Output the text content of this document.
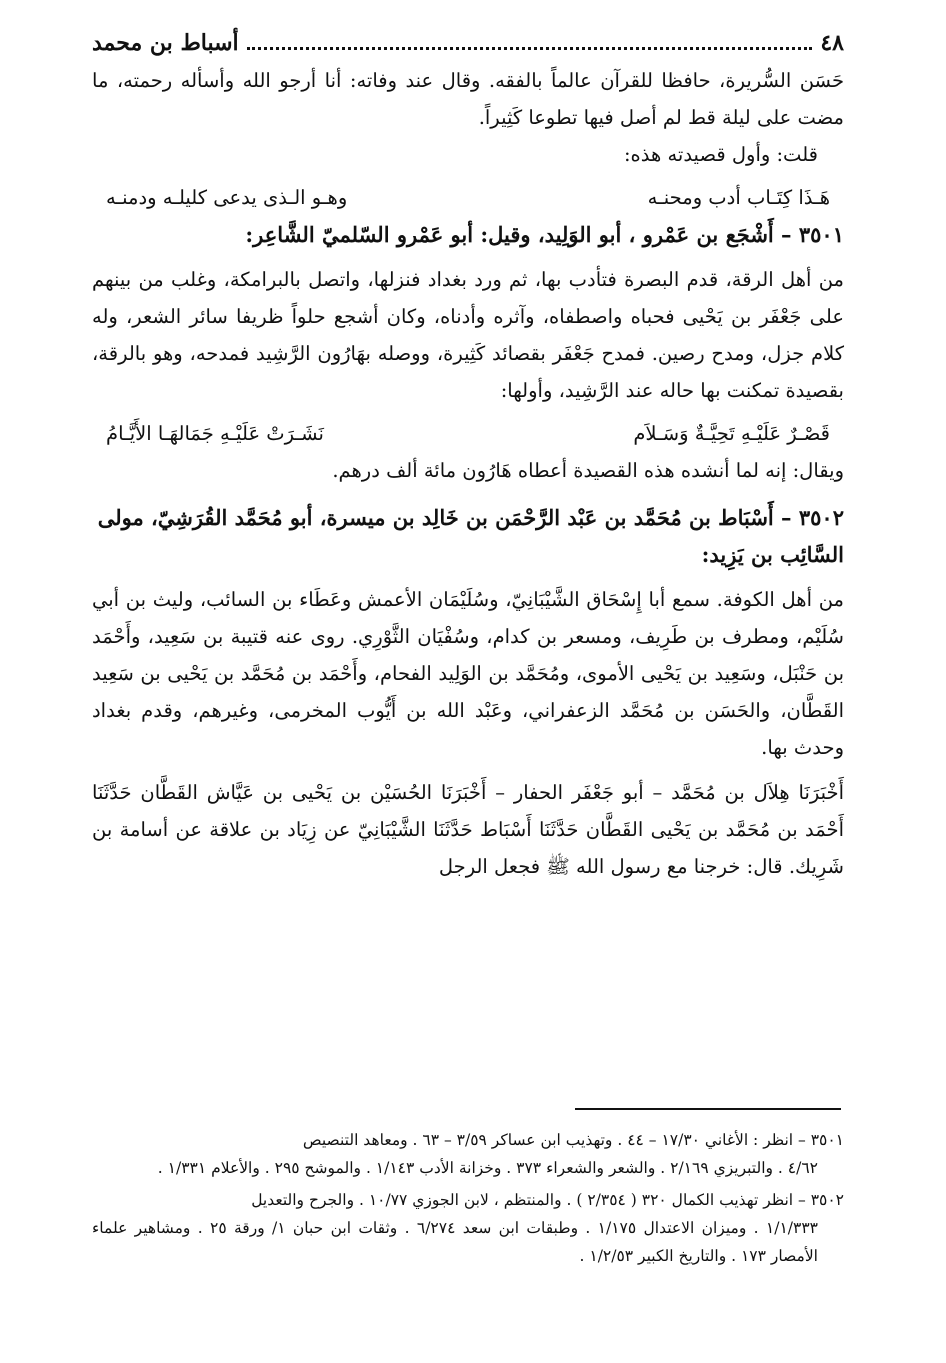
٤٨
أسباط بن محمد

حَسَن السُّريرة، حافظا للقرآن عالماً بالفقه. وقال عند وفاته: أنا أرجو الله وأسأله رحمته، ما مضت على ليلة قط لم أصل فيها تطوعا كَثِيراً.

قلت: وأول قصيدته هذه:

هَـذَا كِتَـاب أدب ومحنـه
وهـو الـذى يدعى كليلـه ودمنـه
٣٥٠١ – أَشْجَع بن عَمْرو ، أبو الوَلِيد، وقيل: أبو عَمْرو السّلميّ الشَّاعِر:

من أهل الرقة، قدم البصرة فتأدب بها، ثم ورد بغداد فنزلها، واتصل بالبرامكة، وغلب من بينهم على جَعْفَر بن يَحْيى فحباه واصطفاه، وآثره وأدناه، وكان أشجع حلواً ظريفا سائر الشعر، وله كلام جزل، ومدح رصين. فمدح جَعْفَر بقصائد كَثِيرة، ووصله بهَارُون الرَّشِيد فمدحه، وهو بالرقة، بقصيدة تمكنت بها حاله عند الرَّشِيد، وأولها:

قَصْـرٌ عَلَيْـهِ تَحِيَّـةٌ وَسَـلاَم
نَشَـرَتْ عَلَيْـهِ جَمَالهَـا الأَيَّـامُ

ويقال: إنه لما أنشده هذه القصيدة أعطاه هَارُون مائة ألف درهم.

٣٥٠٢ – أَسْبَاط بن مُحَمَّد بن عَبْد الرَّحْمَن بن خَالِد بن ميسرة، أبو مُحَمَّد القُرَشِيّ، مولى السَّائِب بن يَزِيد:

من أهل الكوفة. سمع أبا إِسْحَاق الشَّيْبَانِيّ، وسُلَيْمَان الأعمش وعَطَاء بن السائب، وليث بن أبي سُلَيْم، ومطرف بن طَرِيف، ومسعر بن كدام، وسُفْيَان الثَّوْرِي. روى عنه قتيبة بن سَعِيد، وأَحْمَد بن حَنْبَل، وسَعِيد بن يَحْيى الأموى، ومُحَمَّد بن الوَلِيد الفحام، وأَحْمَد بن مُحَمَّد بن يَحْيى بن سَعِيد القَطَّان، والحَسَن بن مُحَمَّد الزعفراني، وعَبْد الله بن أَيُّوب المخرمى، وغيرهم، وقدم بغداد وحدث بها.

أَخْبَرَنَا هِلاَل بن مُحَمَّد – أبو جَعْفَر الحفار – أَخْبَرَنَا الحُسَيْن بن يَحْيى بن عَيَّاش القَطَّان حَدَّثَنَا أَحْمَد بن مُحَمَّد بن يَحْيى القَطَّان حَدَّثَنَا أَسْبَاط حَدَّثَنَا الشَّيْبَانِيّ عن زِيَاد بن علاقة عن أسامة بن شَرِيك. قال: خرجنا مع رسول الله ﷺ فجعل الرجل

٣٥٠١ – انظر : الأغاني ١٧/٣٠ – ٤٤ . وتهذيب ابن عساكر ٣/٥٩ – ٦٣ . ومعاهد التنصيص
٤/٦٢ . والتبريزي ٢/١٦٩ . والشعر والشعراء ٣٧٣ . وخزانة الأدب ١/١٤٣ . والموشح ٢٩٥ . والأعلام ١/٣٣١ .

٣٥٠٢ – انظر تهذيب الكمال ٣٢٠ ( ٢/٣٥٤ ) . والمنتظم ، لابن الجوزي ١٠/٧٧ . والجرح والتعديل
١/١/٣٣٣ . وميزان الاعتدال ١/١٧٥ . وطبقات ابن سعد ٦/٢٧٤ . وثقات ابن حبان ١/ ورقة ٢٥ . ومشاهير علماء الأمصار ١٧٣ . والتاريخ الكبير ١/٢/٥٣ .
